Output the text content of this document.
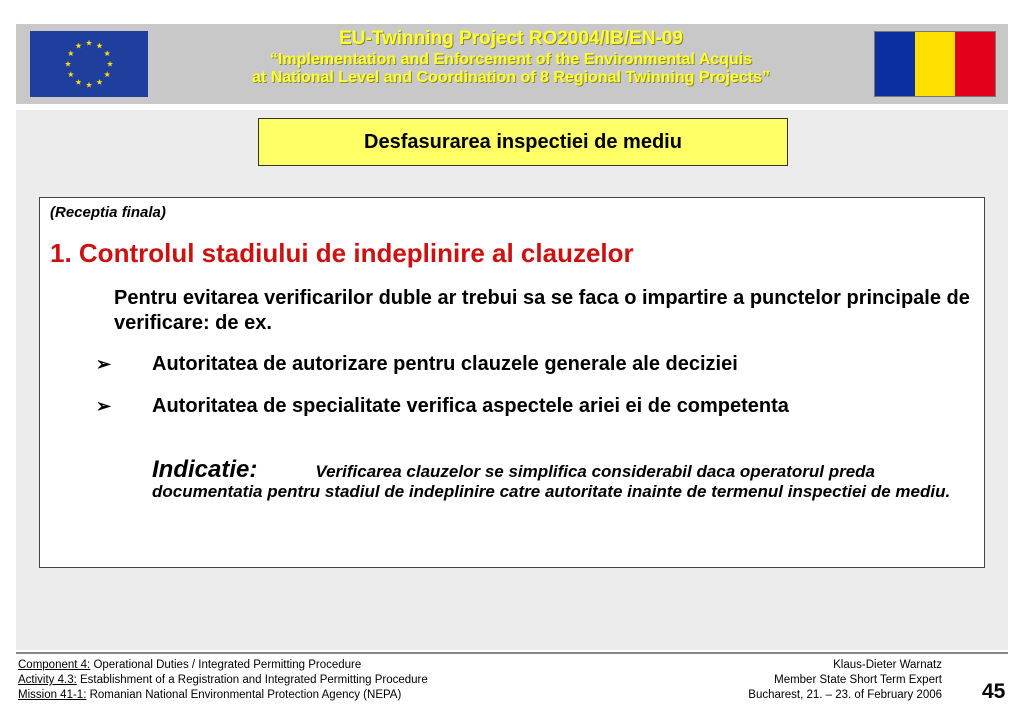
EU-Twinning Project RO2004/IB/EN-09
“Implementation and Enforcement of the Environmental Acquis
at National Level and Coordination of 8 Regional Twinning Projects”
Desfasurarea inspectiei de mediu
(Receptia finala)
1. Controlul stadiului de indeplinire al clauzelor
Pentru evitarea verificarilor duble ar trebui sa se faca o impartire a punctelor principale de verificare: de ex.
➢	Autoritatea de autorizare pentru clauzele generale ale deciziei
➢	Autoritatea de specialitate verifica aspectele ariei ei de competenta
Indicatie:	Verificarea clauzelor se simplifica considerabil daca operatorul preda documentatia pentru stadiul de indeplinire catre autoritate inainte de termenul inspectiei de mediu.
Component 4: Operational Duties / Integrated Permitting Procedure
Activity 4.3: Establishment of a Registration and Integrated Permitting Procedure
Mission 41-1: Romanian National Environmental Protection Agency (NEPA)
Klaus-Dieter Warnatz
Member State Short Term Expert
Bucharest, 21. – 23. of February 2006 45
